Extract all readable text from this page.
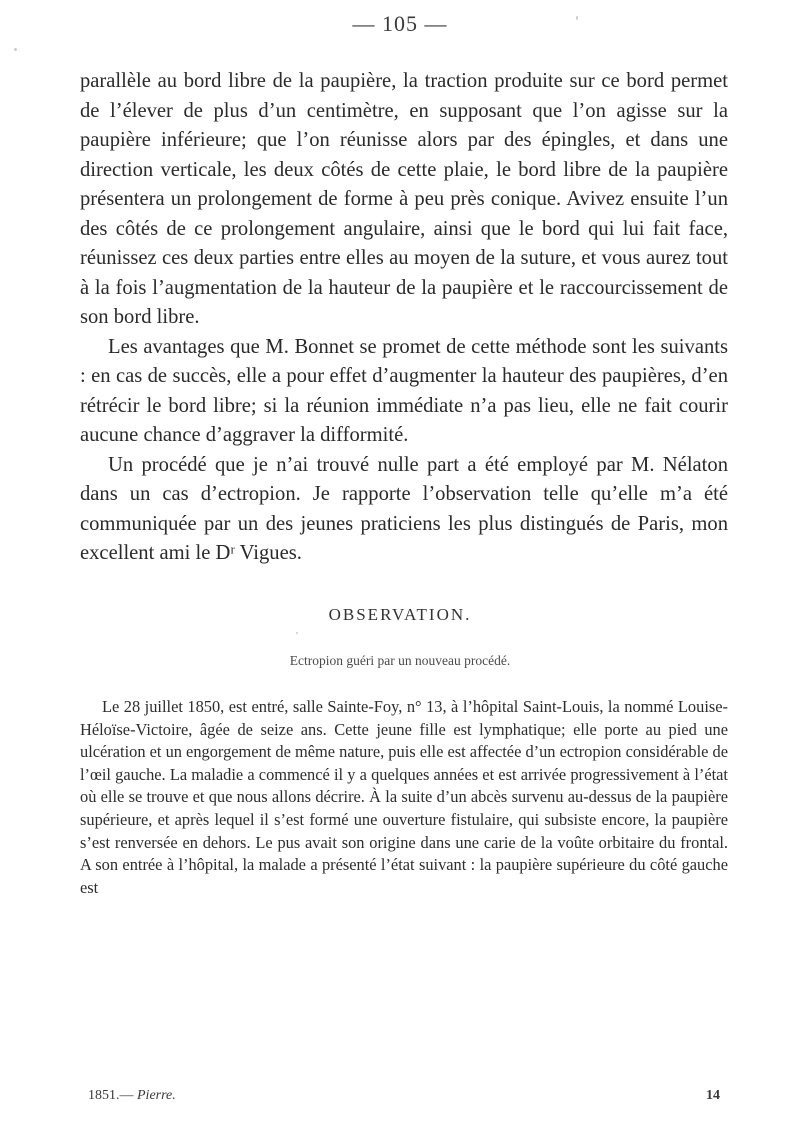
— 105 —

parallèle au bord libre de la paupière, la traction produite sur ce bord permet de l’élever de plus d’un centimètre, en supposant que l’on agisse sur la paupière inférieure; que l’on réunisse alors par des épingles, et dans une direction verticale, les deux côtés de cette plaie, le bord libre de la paupière présentera un prolongement de forme à peu près conique. Avivez ensuite l’un des côtés de ce prolongement angulaire, ainsi que le bord qui lui fait face, réunissez ces deux parties entre elles au moyen de la suture, et vous aurez tout à la fois l’augmentation de la hauteur de la paupière et le raccourcissement de son bord libre.

Les avantages que M. Bonnet se promet de cette méthode sont les suivants : en cas de succès, elle a pour effet d’augmenter la hauteur des paupières, d’en rétrécir le bord libre; si la réunion immédiate n’a pas lieu, elle ne fait courir aucune chance d’aggraver la difformité.

Un procédé que je n’ai trouvé nulle part a été employé par M. Nélaton dans un cas d’ectropion. Je rapporte l’observation telle qu’elle m’a été communiquée par un des jeunes praticiens les plus distingués de Paris, mon excellent ami le Dʳ Vigues.

OBSERVATION.
Ectropion guéri par un nouveau procédé.

Le 28 juillet 1850, est entré, salle Sainte-Foy, n° 13, à l’hôpital Saint-Louis, la nommé Louise-Héloïse-Victoire, âgée de seize ans. Cette jeune fille est lymphatique; elle porte au pied une ulcération et un engorgement de même nature, puis elle est affectée d’un ectropion considérable de l’œil gauche. La maladie a commencé il y a quelques années et est arrivée progressivement à l’état où elle se trouve et que nous allons décrire. À la suite d’un abcès survenu au-dessus de la paupière supérieure, et après lequel il s’est formé une ouverture fistulaire, qui subsiste encore, la paupière s’est renversée en dehors. Le pus avait son origine dans une carie de la voûte orbitaire du frontal. A son entrée à l’hôpital, la malade a présenté l’état suivant : la paupière supérieure du côté gauche est

1851.— Pierre.	14
